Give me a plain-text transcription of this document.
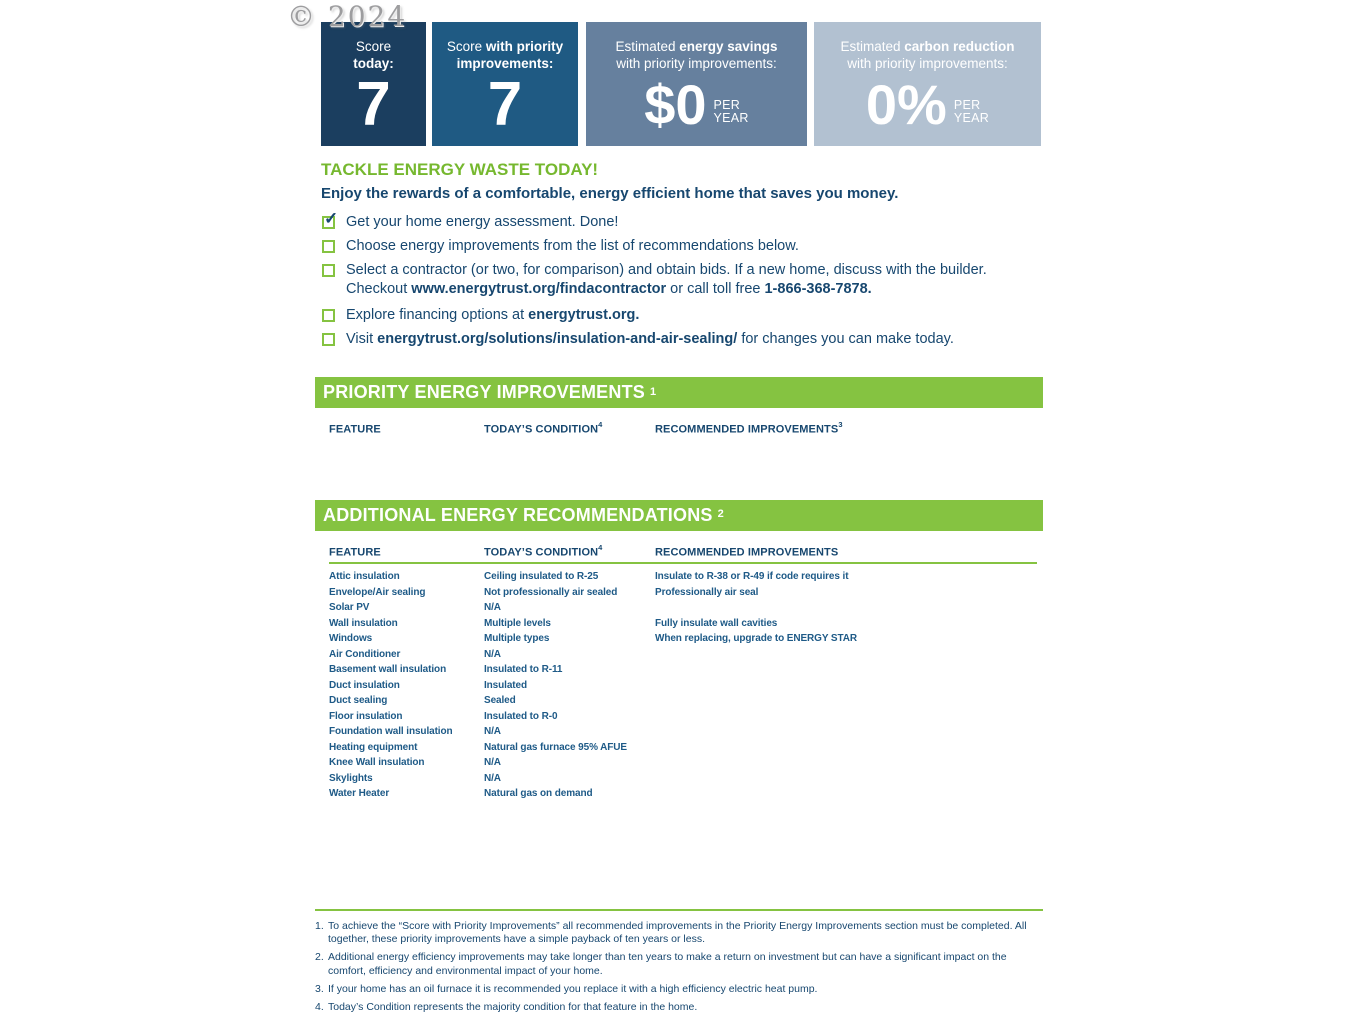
© 2024
Score
today:
7
Score with priority improvements:
7
Estimated energy savings
with priority improvements:
$0 PER
YEAR
Estimated carbon reduction
with priority improvements:
0% PER
YEAR
TACKLE ENERGY WASTE TODAY!
Enjoy the rewards of a comfortable, energy efficient home that saves you money.
✓ Get your home energy assessment. Done!
Choose energy improvements from the list of recommendations below.
Select a contractor (or two, for comparison) and obtain bids. If a new home, discuss with the builder. Checkout www.energytrust.org/findacontractor or call toll free 1-866-368-7878.
Explore financing options at energytrust.org.
Visit energytrust.org/solutions/insulation-and-air-sealing/ for changes you can make today.
PRIORITY ENERGY IMPROVEMENTS $^1$
FEATURE	TODAY’S CONDITION$^4$	RECOMMENDED IMPROVEMENTS$^3$
ADDITIONAL ENERGY RECOMMENDATIONS $^2$
FEATURE	TODAY’S CONDITION$^4$	RECOMMENDED IMPROVEMENTS
Attic insulation	Ceiling insulated to R-25	Insulate to R-38 or R-49 if code requires it
Envelope/Air sealing	Not professionally air sealed	Professionally air seal
Solar PV	N/A
Wall insulation	Multiple levels	Fully insulate wall cavities
Windows	Multiple types	When replacing, upgrade to ENERGY STAR
Air Conditioner	N/A
Basement wall insulation	Insulated to R-11
Duct insulation	Insulated
Duct sealing	Sealed
Floor insulation	Insulated to R-0
Foundation wall insulation	N/A
Heating equipment	Natural gas furnace 95% AFUE
Knee Wall insulation	N/A
Skylights	N/A
Water Heater	Natural gas on demand
1. To achieve the “Score with Priority Improvements” all recommended improvements in the Priority Energy Improvements section must be completed. All together, these priority improvements have a simple payback of ten years or less.
2. Additional energy efficiency improvements may take longer than ten years to make a return on investment but can have a significant impact on the comfort, efficiency and environmental impact of your home.
3. If your home has an oil furnace it is recommended you replace it with a high efficiency electric heat pump.
4. Today’s Condition represents the majority condition for that feature in the home.
